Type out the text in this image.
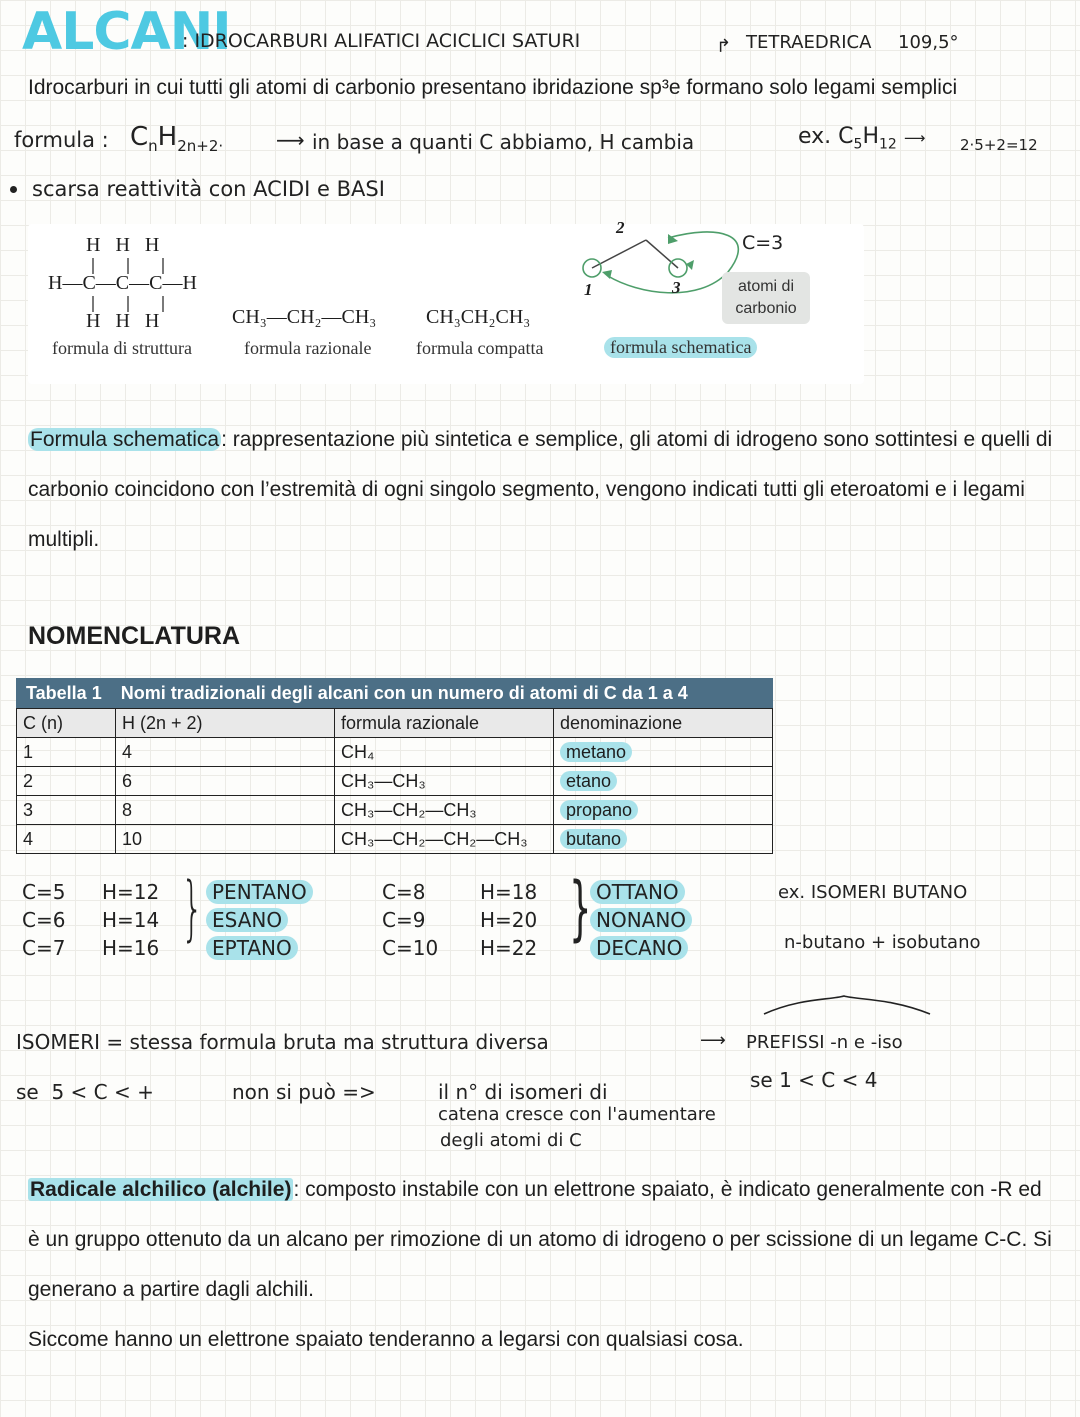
ALCANI
: IDROCARBURI ALIFATICI ACICLICI SATURI	↱ TETRAEDRICA 109,5°
Idrocarburi in cui tutti gli atomi di carbonio presentano ibridazione sp³e formano solo legami semplici
formula : $C_nH_{2n+2\cdot}$	⟶ in base a quanti C abbiamo, H cambia	ex. $C_5H_{12}$ ⟶ 2·5+2=12
scarsa reattività con ACIDI e BASI
H   H   H
H—C—C—C—H
H   H   H
formula di struttura
CH₃—CH₂—CH₃
formula razionale
CH₃CH₂CH₃
formula compatta
1
2
3
C=3
atomi di carbonio
formula schematica
Formula schematica: rappresentazione più sintetica e semplice, gli atomi di idrogeno sono sottintesi e quelli di carbonio coincidono con l’estremità di ogni singolo segmento, vengono indicati tutti gli eteroatomi e i legami multipli.
NOMENCLATURA
Tabella 1 Nomi tradizionali degli alcani con un numero di atomi di C da 1 a 4
C (n)	H (2n + 2)	formula razionale	denominazione
1	4	CH₄	metano
2	6	CH₃—CH₃	etano
3	8	CH₃—CH₂—CH₃	propano
4	10	CH₃—CH₂—CH₂—CH₃	butano
C=5 H=12	PENTANO
C=6 H=14	ESANO
C=7 H=16	EPTANO
}	C=8	H=18	OTTANO
C=9	H=20	NONANO
C=10 H=22	DECANO
}	ex. ISOMERI BUTANO
n-butano + isobutano
ISOMERI = stessa formula bruta ma struttura diversa	⟶ PREFISSI -n e -iso
se 1 < C < 4
se  5 < C < +	non si può =>	il n° di isomeri di
catena cresce con l'aumentare
degli atomi di C
Radicale alchilico (alchile): composto instabile con un elettrone spaiato, è indicato generalmente con -R ed è un gruppo ottenuto da un alcano per rimozione di un atomo di idrogeno o per scissione di un legame C-C. Si generano a partire dagli alchili.
Siccome hanno un elettrone spaiato tenderanno a legarsi con qualsiasi cosa.
